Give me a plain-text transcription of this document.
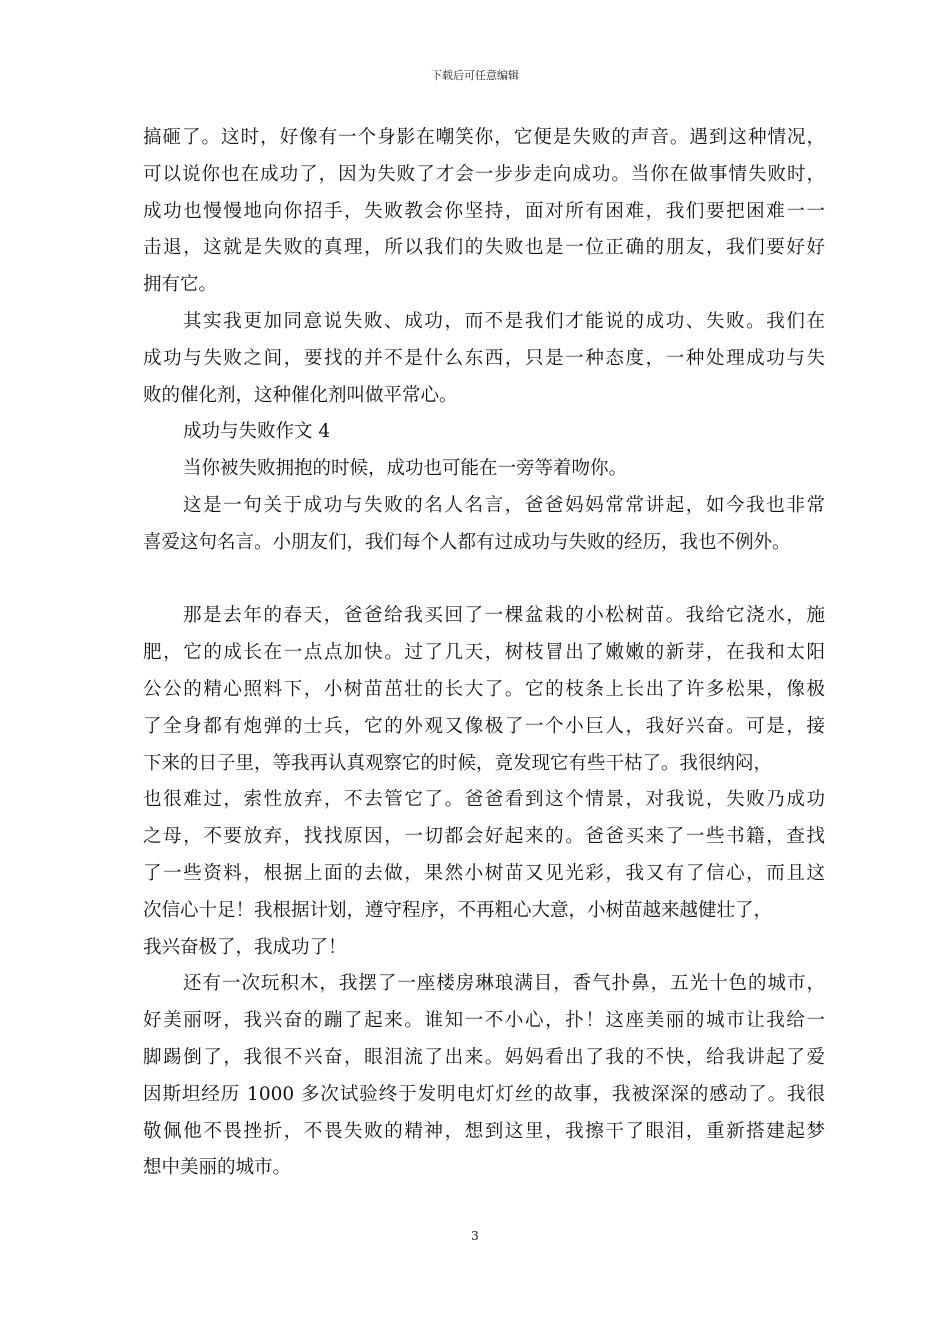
下载后可任意编辑
搞砸了。这时，好像有一个身影在嘲笑你，它便是失败的声音。遇到这种情况，
可以说你也在成功了，因为失败了才会一步步走向成功。当你在做事情失败时，
成功也慢慢地向你招手，失败教会你坚持，面对所有困难，我们要把困难一一
击退，这就是失败的真理，所以我们的失败也是一位正确的朋友，我们要好好
拥有它。
其实我更加同意说失败、成功，而不是我们才能说的成功、失败。我们在
成功与失败之间，要找的并不是什么东西，只是一种态度，一种处理成功与失
败的催化剂，这种催化剂叫做平常心。
成功与失败作文 4
当你被失败拥抱的时候，成功也可能在一旁等着吻你。
这是一句关于成功与失败的名人名言，爸爸妈妈常常讲起，如今我也非常
喜爱这句名言。小朋友们，我们每个人都有过成功与失败的经历，我也不例外。
那是去年的春天，爸爸给我买回了一棵盆栽的小松树苗。我给它浇水，施
肥，它的成长在一点点加快。过了几天，树枝冒出了嫩嫩的新芽，在我和太阳
公公的精心照料下，小树苗茁壮的长大了。它的枝条上长出了许多松果，像极
了全身都有炮弹的士兵，它的外观又像极了一个小巨人，我好兴奋。可是，接
下来的日子里，等我再认真观察它的时候，竟发现它有些干枯了。我很纳闷，
也很难过，索性放弃，不去管它了。爸爸看到这个情景，对我说，失败乃成功
之母，不要放弃，找找原因，一切都会好起来的。爸爸买来了一些书籍，查找
了一些资料，根据上面的去做，果然小树苗又见光彩，我又有了信心，而且这
次信心十足！我根据计划，遵守程序，不再粗心大意，小树苗越来越健壮了，
我兴奋极了，我成功了！
还有一次玩积木，我摆了一座楼房琳琅满目，香气扑鼻，五光十色的城市，
好美丽呀，我兴奋的蹦了起来。谁知一不小心，扑！这座美丽的城市让我给一
脚踢倒了，我很不兴奋，眼泪流了出来。妈妈看出了我的不快，给我讲起了爱
因斯坦经历 1000 多次试验终于发明电灯灯丝的故事，我被深深的感动了。我很
敬佩他不畏挫折，不畏失败的精神，想到这里，我擦干了眼泪，重新搭建起梦
想中美丽的城市。
3
